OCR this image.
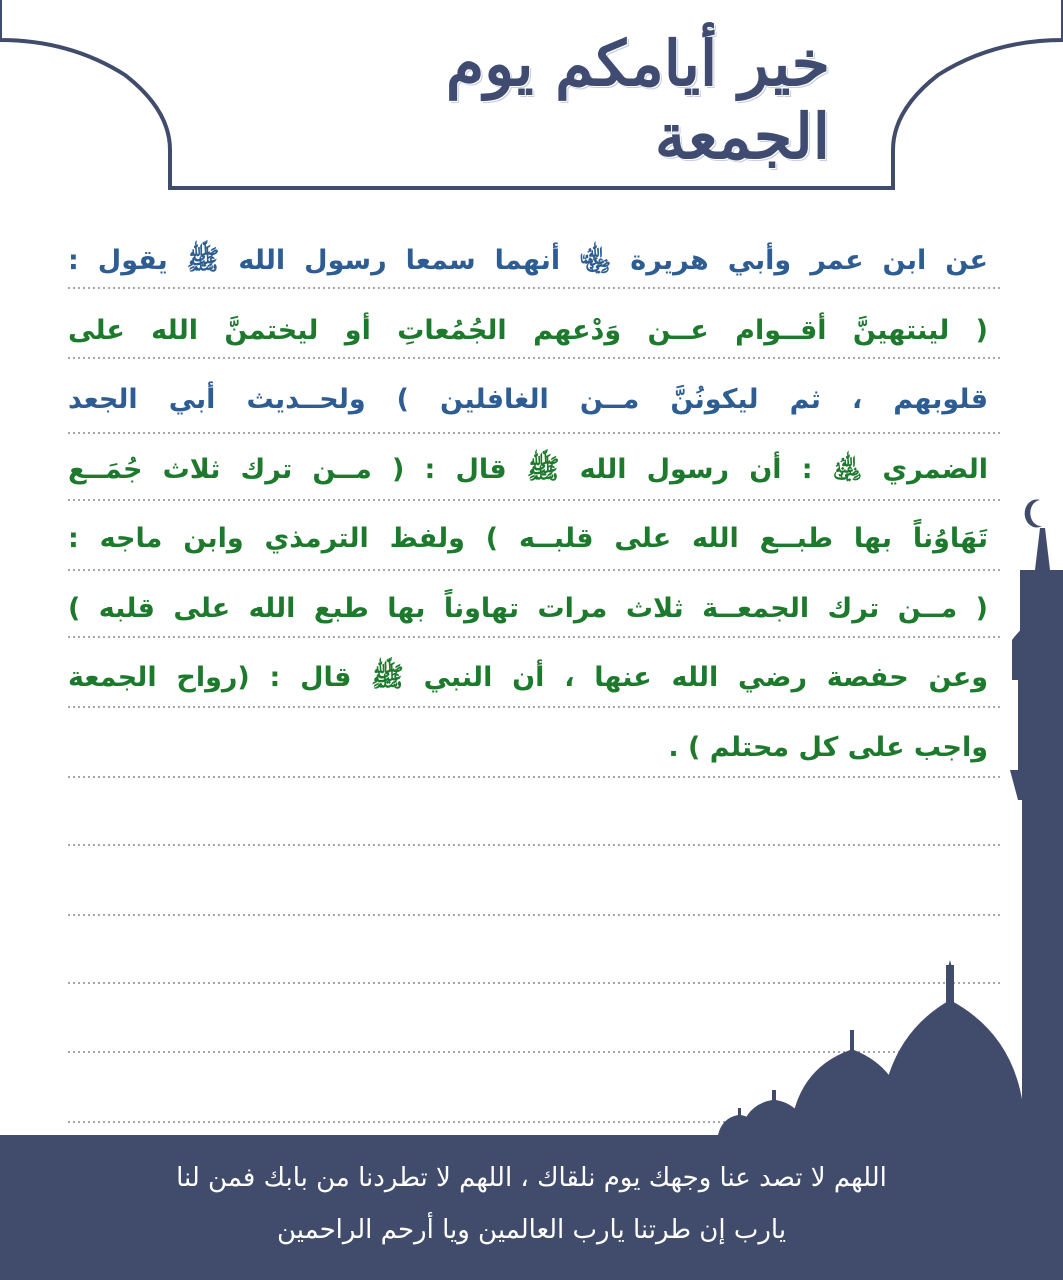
خير أيامكم يوم الجمعة
عن ابن عمر وأبي هريرة ﵄ أنهما سمعا رسول الله ﷺ يقول :
( لينتهينَّ أقــوام عــن وَدْعهم الجُمُعاتِ أو ليختمنَّ الله على
قلوبهم ، ثم ليكونُنَّ مــن الغافلين ) ولحــديث أبي الجعد
الضمري ﵁ : أن رسول الله ﷺ قال : ( مــن ترك ثلاث جُمَــع
تَهَاوُناً بها طبــع الله على قلبــه ) ولفظ الترمذي وابن ماجه :
( مــن ترك الجمعــة ثلاث مرات تهاوناً بها طبع الله على قلبه )
وعن حفصة رضي الله عنها ، أن النبي ﷺ قال : (رواح الجمعة
واجب على كل محتلم ) .
اللهم لا تصد عنا وجهك يوم نلقاك ، اللهم لا تطردنا من بابك فمن لنا
يارب إن طرتنا يارب العالمين ويا أرحم الراحمين
